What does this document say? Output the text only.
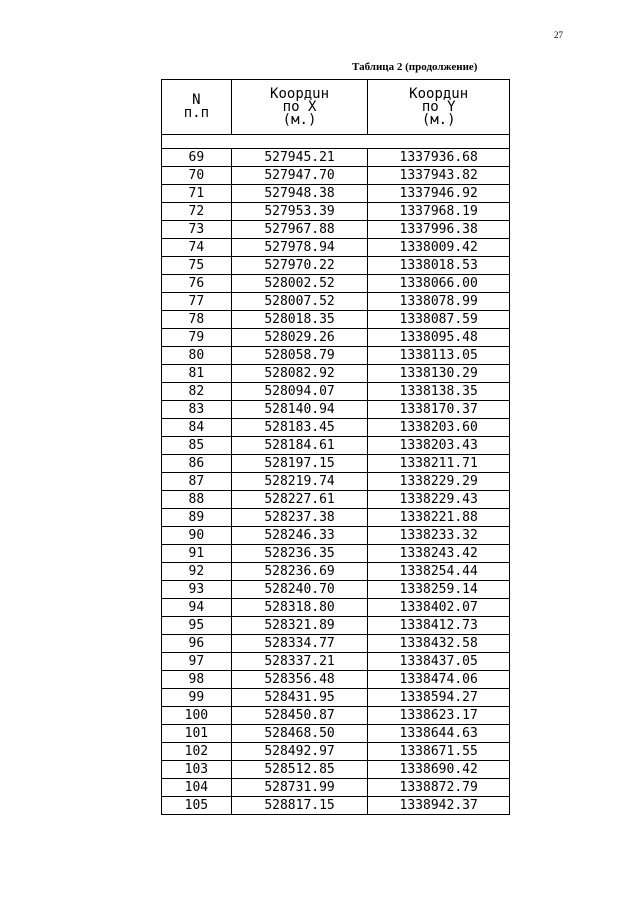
27
Таблица 2 (продолжение)
N
п.п	Коордuн
по X
(м.)	Коордuн
по Y
(м.)

69	527945.21	1337936.68
70	527947.70	1337943.82
71	527948.38	1337946.92
72	527953.39	1337968.19
73	527967.88	1337996.38
74	527978.94	1338009.42
75	527970.22	1338018.53
76	528002.52	1338066.00
77	528007.52	1338078.99
78	528018.35	1338087.59
79	528029.26	1338095.48
80	528058.79	1338113.05
81	528082.92	1338130.29
82	528094.07	1338138.35
83	528140.94	1338170.37
84	528183.45	1338203.60
85	528184.61	1338203.43
86	528197.15	1338211.71
87	528219.74	1338229.29
88	528227.61	1338229.43
89	528237.38	1338221.88
90	528246.33	1338233.32
91	528236.35	1338243.42
92	528236.69	1338254.44
93	528240.70	1338259.14
94	528318.80	1338402.07
95	528321.89	1338412.73
96	528334.77	1338432.58
97	528337.21	1338437.05
98	528356.48	1338474.06
99	528431.95	1338594.27
100	528450.87	1338623.17
101	528468.50	1338644.63
102	528492.97	1338671.55
103	528512.85	1338690.42
104	528731.99	1338872.79
105	528817.15	1338942.37
